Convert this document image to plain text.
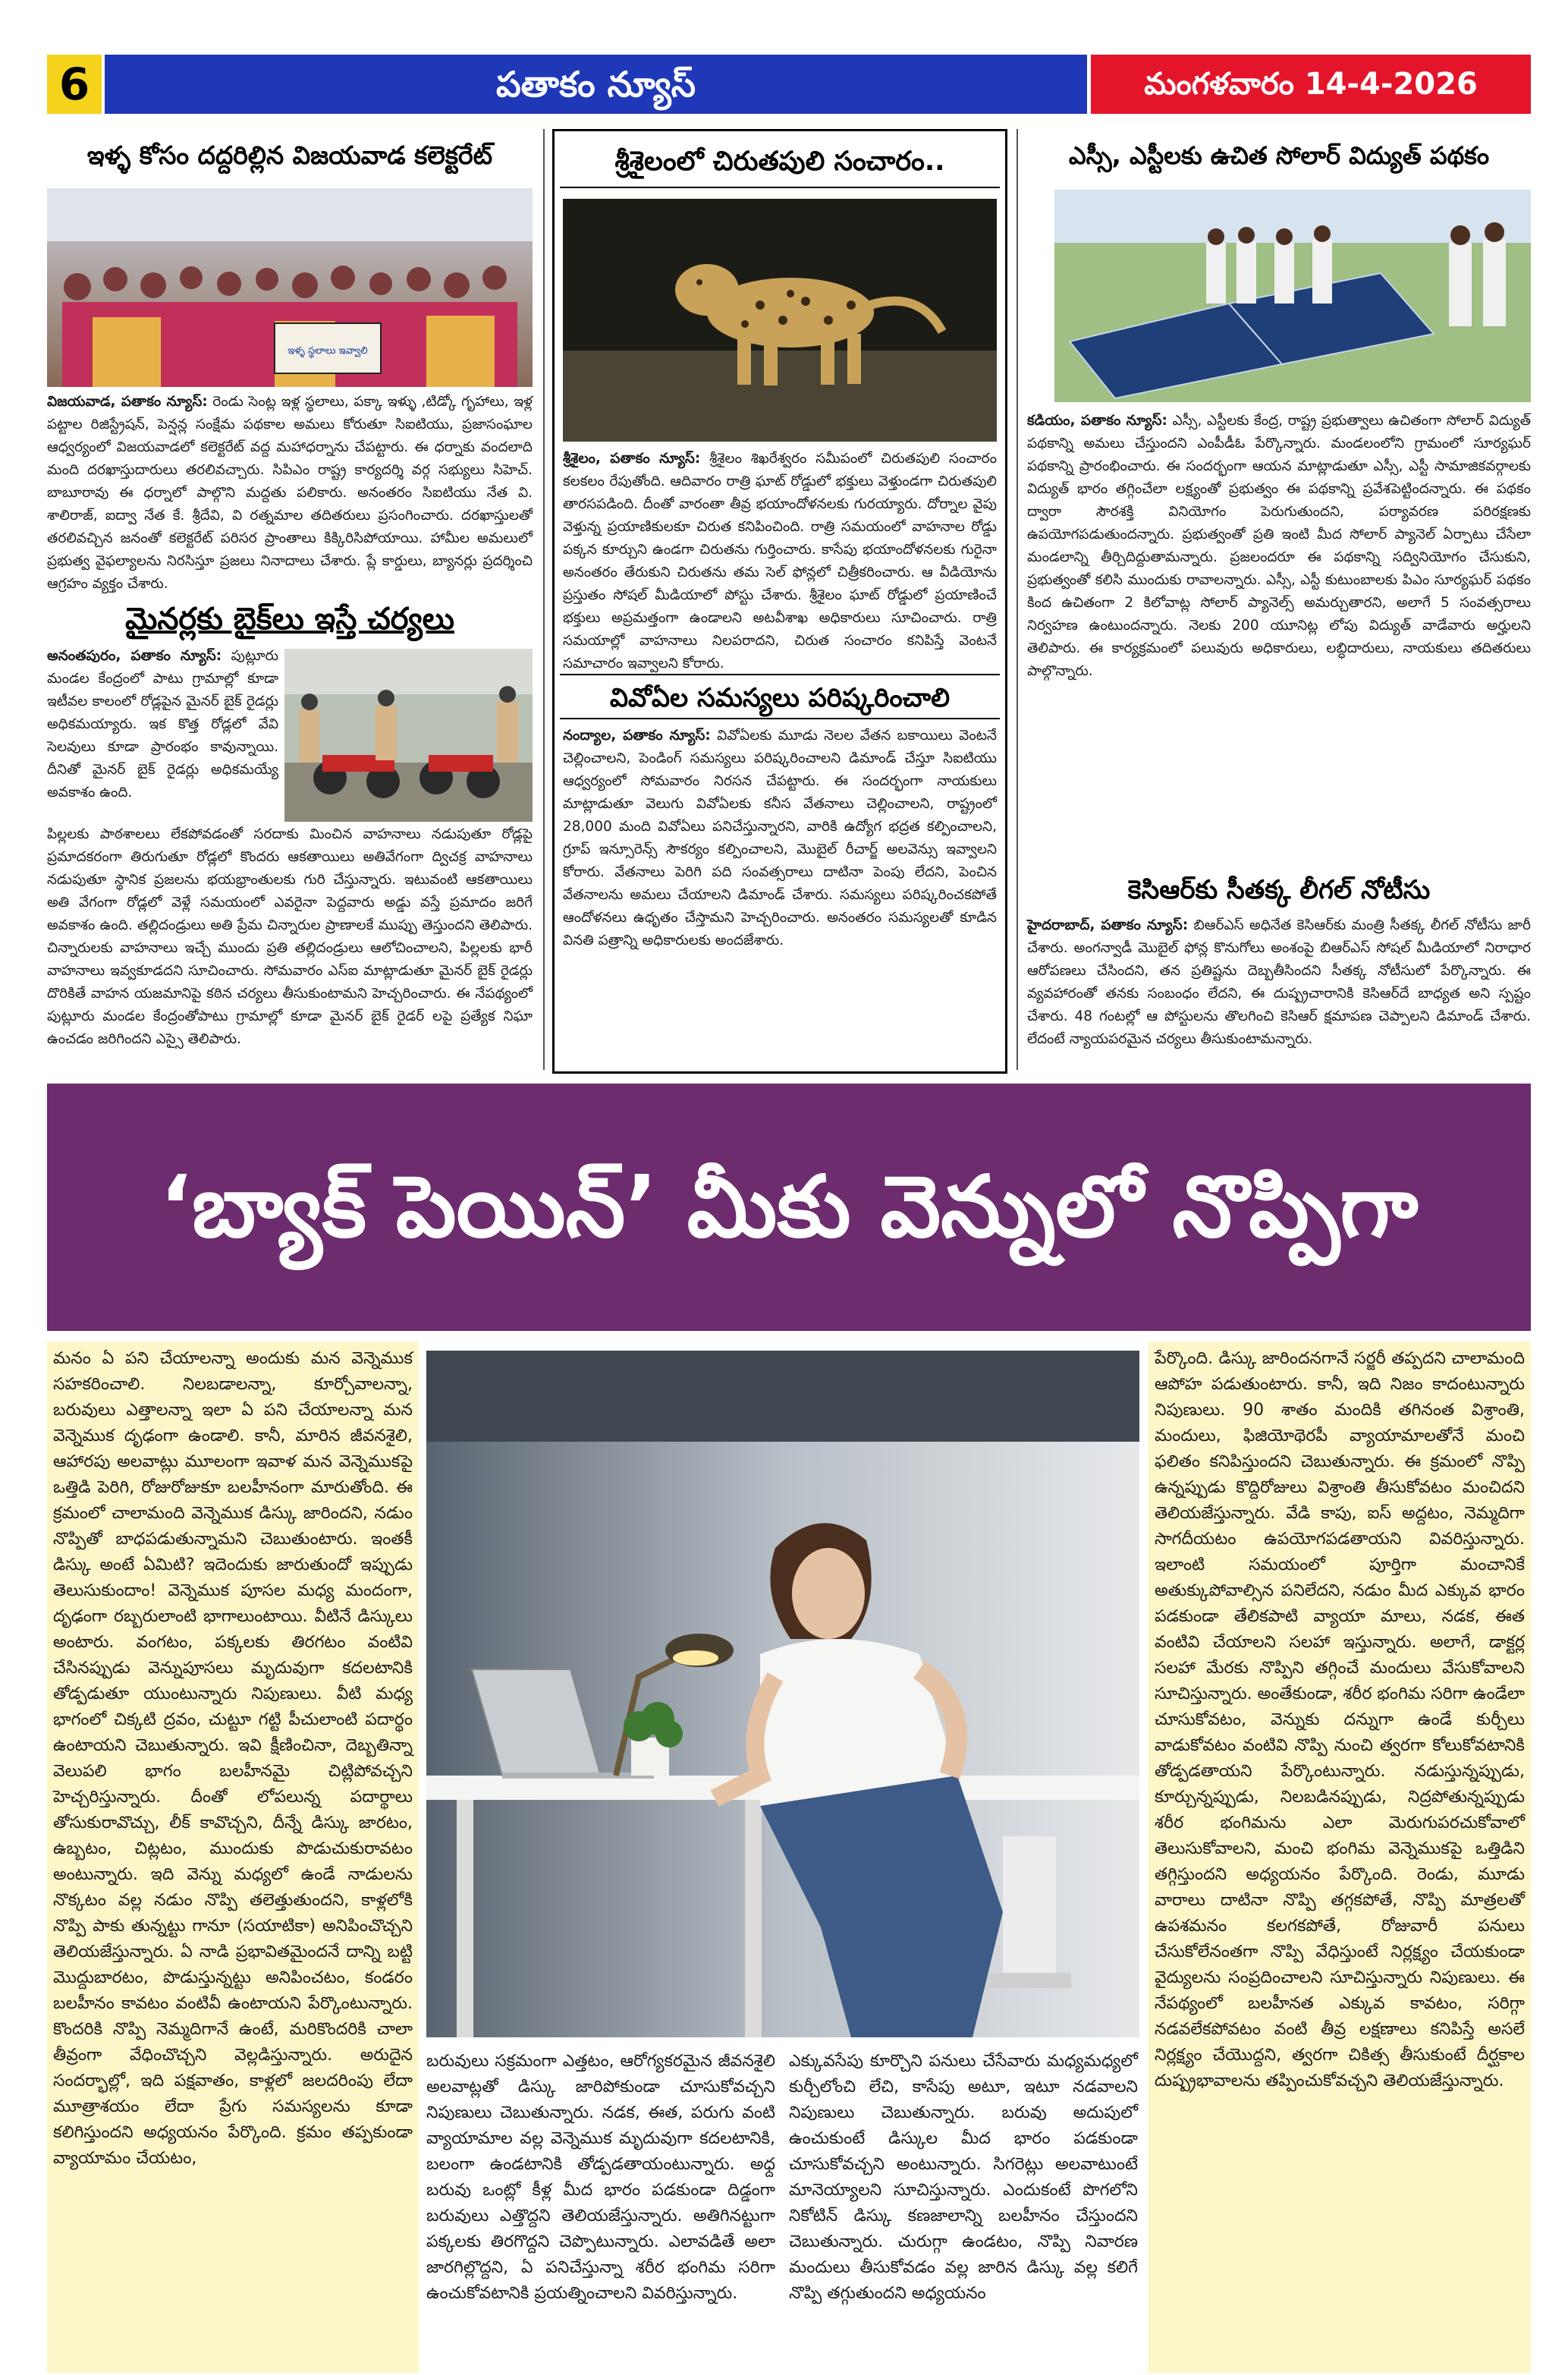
6	పతాకం న్యూస్	మంగళవారం 14-4-2026
ఇళ్ళ కోసం దద్దరిల్లిన విజయవాడ కలెక్టరేట్
ఇళ్ళ స్థలాలు ఇవ్వాలి
విజయవాడ, పతాకం న్యూస్: రెండు సెంట్ల ఇళ్ల స్థలాలు, పక్కా ఇళ్ళు ,టిడ్కో గృహాలు, ఇళ్ల పట్టాల రిజిస్ట్రేషన్, పెన్షన్ల సంక్షేమ పథకాల అమలు కోరుతూ సిఐటియు, ప్రజాసంఘాల ఆధ్వర్యంలో విజయవాడలో కలెక్టరేట్ వద్ద మహాధర్నాను చేపట్టారు. ఈ ధర్నాకు వందలాది మంది దరఖాస్తుదారులు తరలివచ్చారు. సిపిఎం రాష్ట్ర కార్యదర్శి వర్గ సభ్యులు సిహెచ్. బాబూరావు ఈ ధర్నాలో పాల్గొని మద్దతు పలికారు. అనంతరం సిఐటియు నేత వి. శాలిరాజ్, ఐద్వా నేత కే. శ్రీదేవి, వి రత్నమాల తదితరులు ప్రసంగించారు. దరఖాస్తులతో తరలివచ్చిన జనంతో కలెక్టరేట్ పరిసర ప్రాంతాలు కిక్కిరిసిపోయాయి. హామీల అమలులో ప్రభుత్వ వైఫల్యాలను నిరసిస్తూ ప్రజలు నినాదాలు చేశారు. ప్లే కార్డులు, బ్యానర్లు ప్రదర్శించి ఆగ్రహం వ్యక్తం చేశారు.
మైనర్లకు బైక్‌లు ఇస్తే చర్యలు
అనంతపురం, పతాకం న్యూస్: పుట్లూరు మండల కేంద్రంలో పాటు గ్రామాల్లో కూడా ఇటీవల కాలంలో రోడ్లపైన మైనర్ బైక్ రైడర్లు అధికమయ్యారు. ఇక కొత్త రోడ్లలో వేవి సెలవులు కూడా ప్రారంభం కావున్నాయి. దీనితో మైనర్ బైక్ రైడర్లు అధికమయ్యే అవకాశం ఉంది.
పిల్లలకు పాఠశాలలు లేకపోవడంతో సరదాకు మించిన వాహనాలు నడుపుతూ రోడ్లపై ప్రమాదకరంగా తిరుగుతూ రోడ్లలో కొందరు ఆకతాయిలు అతివేగంగా ద్విచక్ర వాహనాలు నడుపుతూ స్థానిక ప్రజలను భయభ్రాంతులకు గురి చేస్తున్నారు. ఇటువంటి ఆకతాయిలు అతి వేగంగా రోడ్లలో వెళ్లే సమయంలో ఎవరైనా పెద్దవారు అడ్డు వస్తే ప్రమాదం జరిగే అవకాశం ఉంది. తల్లిదండ్రులు అతి ప్రేమ చిన్నారుల ప్రాణాలకే ముప్పు తెస్తుందని తెలిపారు. చిన్నారులకు వాహనాలు ఇచ్చే ముందు ప్రతి తల్లిదండ్రులు ఆలోచించాలని, పిల్లలకు భారీ వాహనాలు ఇవ్వకూడదని సూచించారు. సోమవారం ఎస్ఐ మాట్లాడుతూ మైనర్ బైక్ రైడర్లు దొరికితే వాహన యజమానిపై కఠిన చర్యలు తీసుకుంటామని హెచ్చరించారు. ఈ నేపథ్యంలో పుట్లూరు మండల కేంద్రంతోపాటు గ్రామాల్లో కూడా మైనర్ బైక్ రైడర్ లపై ప్రత్యేక నిఘా ఉంచడం జరిగిందని ఎస్సై తెలిపారు.
శ్రీశైలంలో చిరుతపులి సంచారం..
శ్రీశైలం, పతాకం న్యూస్: శ్రీశైలం శిఖరేశ్వరం సమీపంలో చిరుతపులి సంచారం కలకలం రేపుతోంది. ఆదివారం రాత్రి ఘాట్ రోడ్డులో భక్తులు వెళ్తుండగా చిరుతపులి తారసపడింది. దీంతో వారంతా తీవ్ర భయాందోళనలకు గురయ్యారు. దోర్నాల వైపు వెళ్తున్న ప్రయాణికులకూ చిరుత కనిపించింది. రాత్రి సమయంలో వాహనాల రోడ్డు పక్కన కూర్చుని ఉండగా చిరుతను గుర్తించారు. కాసేపు భయాందోళనలకు గురైనా అనంతరం తేరుకుని చిరుతను తమ సెల్ ఫోన్లలో చిత్రీకరించారు. ఆ వీడియోను ప్రస్తుతం సోషల్ మీడియాలో పోస్టు చేశారు. శ్రీశైలం ఘాట్ రోడ్డులో ప్రయాణించే భక్తులు అప్రమత్తంగా ఉండాలని అటవీశాఖ అధికారులు సూచించారు. రాత్రి సమయాల్లో వాహనాలు నిలపరాదని, చిరుత సంచారం కనిపిస్తే వెంటనే సమాచారం ఇవ్వాలని కోరారు.
వివోఏల సమస్యలు పరిష్కరించాలి
నంద్యాల, పతాకం న్యూస్: వివోఏలకు మూడు నెలల వేతన బకాయిలు వెంటనే చెల్లించాలని, పెండింగ్ సమస్యలు పరిష్కరించాలని డిమాండ్ చేస్తూ సిఐటియు ఆధ్వర్యంలో సోమవారం నిరసన చేపట్టారు. ఈ సందర్భంగా నాయకులు మాట్లాడుతూ వెలుగు వివోఏలకు కనీస వేతనాలు చెల్లించాలని, రాష్ట్రంలో 28,000 మంది వివోఏలు పనిచేస్తున్నారని, వారికి ఉద్యోగ భద్రత కల్పించాలని, గ్రూప్ ఇన్సూరెన్స్ సౌకర్యం కల్పించాలని, మొబైల్ రీచార్జ్ అలవెన్సు ఇవ్వాలని కోరారు. వేతనాలు పెరిగి పది సంవత్సరాలు దాటినా పెంపు లేదని, పెంచిన వేతనాలను అమలు చేయాలని డిమాండ్ చేశారు. సమస్యలు పరిష్కరించకపోతే ఆందోళనలు ఉధృతం చేస్తామని హెచ్చరించారు. అనంతరం సమస్యలతో కూడిన వినతి పత్రాన్ని అధికారులకు అందజేశారు.
ఎస్సీ, ఎస్టీలకు ఉచిత సోలార్ విద్యుత్ పథకం
కడియం, పతాకం న్యూస్: ఎస్సీ, ఎస్టీలకు కేంద్ర, రాష్ట్ర ప్రభుత్వాలు ఉచితంగా సోలార్ విద్యుత్ పథకాన్ని అమలు చేస్తుందని ఎంపీడీఓ పేర్కొన్నారు. మండలంలోని గ్రామంలో సూర్యఘర్ పథకాన్ని ప్రారంభించారు. ఈ సందర్భంగా ఆయన మాట్లాడుతూ ఎస్సీ, ఎస్టీ సామాజికవర్గాలకు విద్యుత్ భారం తగ్గించేలా లక్ష్యంతో ప్రభుత్వం ఈ పథకాన్ని ప్రవేశపెట్టిందన్నారు. ఈ పథకం ద్వారా సౌరశక్తి వినియోగం పెరుగుతుందని, పర్యావరణ పరిరక్షణకు ఉపయోగపడుతుందన్నారు. ప్రభుత్వంతో ప్రతి ఇంటి మీద సోలార్ ప్యానెల్ ఏర్పాటు చేసేలా మండలాన్ని తీర్చిదిద్దుతామన్నారు. ప్రజలందరూ ఈ పథకాన్ని సద్వినియోగం చేసుకుని, ప్రభుత్వంతో కలిసి ముందుకు రావాలన్నారు. ఎస్సీ, ఎస్టీ కుటుంబాలకు పిఎం సూర్యఘర్ పథకం కింద ఉచితంగా 2 కిలోవాట్ల సోలార్ ప్యానెల్స్ అమర్చుతారని, అలాగే 5 సంవత్సరాలు నిర్వహణ ఉంటుందన్నారు. నెలకు 200 యూనిట్ల లోపు విద్యుత్ వాడేవారు అర్హులని తెలిపారు. ఈ కార్యక్రమంలో పలువురు అధికారులు, లబ్ధిదారులు, నాయకులు తదితరులు పాల్గొన్నారు.
కెసిఆర్‌కు సీతక్క లీగల్ నోటీసు
హైదరాబాద్, పతాకం న్యూస్: బిఆర్ఎస్ అధినేత కెసిఆర్‌కు మంత్రి సీతక్క లీగల్ నోటీసు జారీ చేశారు. అంగన్వాడీ మొబైల్ ఫోన్ల కొనుగోలు అంశంపై బిఆర్ఎస్ సోషల్ మీడియాలో నిరాధార ఆరోపణలు చేసిందని, తన ప్రతిష్టను దెబ్బతీసిందని సీతక్క నోటీసులో పేర్కొన్నారు. ఈ వ్యవహారంతో తనకు సంబంధం లేదని, ఈ దుష్ప్రచారానికి కెసిఆర్‌దే బాధ్యత అని స్పష్టం చేశారు. 48 గంటల్లో ఆ పోస్టులను తొలగించి కెసిఆర్ క్షమాపణ చెప్పాలని డిమాండ్ చేశారు. లేదంటే న్యాయపరమైన చర్యలు తీసుకుంటామన్నారు.
‘బ్యాక్ పెయిన్’ మీకు వెన్నులో నొప్పిగా
మనం ఏ పని చేయాలన్నా అందుకు మన వెన్నెముక సహకరించాలి. నిలబడాలన్నా, కూర్చోవాలన్నా, బరువులు ఎత్తాలన్నా ఇలా ఏ పని చేయాలన్నా మన వెన్నెముక దృఢంగా ఉండాలి. కానీ, మారిన జీవనశైలి, ఆహారపు అలవాట్లు మూలంగా ఇవాళ మన వెన్నెముకపై ఒత్తిడి పెరిగి, రోజురోజుకూ బలహీనంగా మారుతోంది. ఈ క్రమంలో చాలామంది వెన్నెముక డిస్కు జారిందని, నడుం నొప్పితో బాధపడుతున్నామని చెబుతుంటారు. ఇంతకీ డిస్కు అంటే ఏమిటి? ఇదెందుకు జారుతుందో ఇప్పుడు తెలుసుకుందాం! వెన్నెముక పూసల మధ్య మందంగా, దృఢంగా రబ్బరులాంటి భాగాలుంటాయి. వీటినే డిస్కులు అంటారు. వంగటం, పక్కలకు తిరగటం వంటివి చేసినప్పుడు వెన్నుపూసలు మృదువుగా కదలటానికి తోడ్పడుతూ యుంటున్నారు నిపుణులు. వీటి మధ్య భాగంలో చిక్కటి ద్రవం, చుట్టూ గట్టి పీచులాంటి పదార్థం ఉంటాయని చెబుతున్నారు. ఇవి క్షీణించినా, దెబ్బతిన్నా వెలుపలి భాగం బలహీనమై చిట్లిపోవచ్చని హెచ్చరిస్తున్నారు. దీంతో లోపలున్న పదార్థాలు తోసుకురావొచ్చు, లీక్ కావొచ్చని, దీన్నే డిస్కు జారటం, ఉబ్బటం, చిట్లటం, ముందుకు పొడుచుకురావటం అంటున్నారు. ఇది వెన్ను మధ్యలో ఉండే నాడులను నొక్కటం వల్ల నడుం నొప్పి తలెత్తుతుందని, కాళ్లలోకి నొప్పి పాకు తున్నట్టు గానూ (సయాటికా) అనిపించొచ్చని తెలియజేస్తున్నారు. ఏ నాడి ప్రభావితమైందనే దాన్ని బట్టి మొద్దుబారటం, పొడుస్తున్నట్టు అనిపించటం, కండరం బలహీనం కావటం వంటివీ ఉంటాయని పేర్కొంటున్నారు. కొందరికి నొప్పి నెమ్మదిగానే ఉంటే, మరికొందరికి చాలా తీవ్రంగా వేధించొచ్చని వెల్లడిస్తున్నారు. అరుదైన సందర్భాల్లో, ఇది పక్షవాతం, కాళ్లలో జలదరింపు లేదా మూత్రాశయం లేదా ప్రేగు సమస్యలను కూడా కలిగిస్తుందని అధ్యయనం పేర్కొంది. క్రమం తప్పకుండా వ్యాయామం చేయటం,
బరువులు సక్రమంగా ఎత్తటం, ఆరోగ్యకరమైన జీవనశైలి అలవాట్లతో డిస్కు జారిపోకుండా చూసుకోవచ్చని నిపుణులు చెబుతున్నారు. నడక, ఈత, పరుగు వంటి వ్యాయామాల వల్ల వెన్నెముక మృదువుగా కదలటానికి, బలంగా ఉండటానికి తోడ్పడతాయంటున్నారు. అధ్ద బరువు ఒంట్లో కీళ్ల మీద భారం పడకుండా దిడ్డంగా బరువులు ఎత్తొద్దని తెలియజేస్తున్నారు. అతిగినట్టుగా పక్కలకు తిరగొద్దని చెప్పొటున్నారు. ఎలావడితే అలా జారగిల్లొద్దని, ఏ పనిచేస్తున్నా శరీర భంగిమ సరిగా ఉంచుకోవటానికి ప్రయత్నించాలని వివరిస్తున్నారు.
ఎక్కువసేపు కూర్చొని పనులు చేసేవారు మధ్యమధ్యలో కుర్చీలోంచి లేచి, కాసేపు అటూ, ఇటూ నడవాలని నిపుణులు చెబుతున్నారు. బరువు అదుపులో ఉంచుకుంటే డిస్కుల మీద భారం పడకుండా చూసుకోవచ్చని అంటున్నారు. సిగరెట్లు అలవాటుంటే మానెయ్యాలని సూచిస్తున్నారు. ఎందుకంటే పొగలోని నికోటిన్ డిస్కు కణజాలాన్ని బలహీనం చేస్తుందని చెబుతున్నారు. చురుగ్గా ఉండటం, నొప్పి నివారణ మందులు తీసుకోవడం వల్ల జారిన డిస్కు వల్ల కలిగే నొప్పి తగ్గుతుందని అధ్యయనం
పేర్కొంది. డిస్కు జారిందనగానే సర్జరీ తప్పదని చాలామంది ఆపోహ పడుతుంటారు. కానీ, ఇది నిజం కాదంటున్నారు నిపుణులు. 90 శాతం మందికి తగినంత విశ్రాంతి, మందులు, ఫిజియోథెరపీ వ్యాయామాలతోనే మంచి ఫలితం కనిపిస్తుందని చెబుతున్నారు. ఈ క్రమంలో నొప్పి ఉన్నప్పుడు కొద్దిరోజులు విశ్రాంతి తీసుకోవటం మంచిదని తెలియజేస్తున్నారు. వేడి కాపు, ఐస్ అద్దటం, నెమ్మదిగా సాగదీయటం ఉపయోగపడతాయని వివరిస్తున్నారు. ఇలాంటి సమయంలో పూర్తిగా మంచానికే అతుక్కుపోవాల్సిన పనిలేదని, నడుం మీద ఎక్కువ భారం పడకుండా తేలికపాటి వ్యాయా మాలు, నడక, ఈత వంటివి చేయాలని సలహా ఇస్తున్నారు. అలాగే, డాక్టర్ల సలహా మేరకు నొప్పిని తగ్గించే మందులు వేసుకోవాలని సూచిస్తున్నారు. అంతేకుండా, శరీర భంగిమ సరిగా ఉండేలా చూసుకోవటం, వెన్నుకు దన్నుగా ఉండే కుర్చీలు వాడుకోవటం వంటివి నొప్పి నుంచి త్వరగా కోలుకోవటానికి తోడ్పడతాయని పేర్కొంటున్నారు. నడుస్తున్నప్పుడు, కూర్చున్నప్పుడు, నిలబడినప్పుడు, నిద్రపోతున్నప్పుడు శరీర భంగిమను ఎలా మెరుగుపరచుకోవాలో తెలుసుకోవాలని, మంచి భంగిమ వెన్నెముకపై ఒత్తిడిని తగ్గిస్తుందని అధ్యయనం పేర్కొంది. రెండు, మూడు వారాలు దాటినా నొప్పి తగ్గకపోతే, నొప్పి మాత్రలతో ఉపశమనం కలగకపోతే, రోజువారీ పనులు చేసుకోలేనంతగా నొప్పి వేధిస్తుంటే నిర్లక్ష్యం చేయకుండా వైద్యులను సంప్రదించాలని సూచిస్తున్నారు నిపుణులు. ఈ నేపథ్యంలో బలహీనత ఎక్కువ కావటం, సరిగ్గా నడవలేకపోవటం వంటి తీవ్ర లక్షణాలు కనిపిస్తే అసలే నిర్లక్ష్యం చేయొద్దని, త్వరగా చికిత్స తీసుకుంటే దీర్ఘకాల దుష్ప్రభావాలను తప్పించుకోవచ్చని తెలియజేస్తున్నారు.
